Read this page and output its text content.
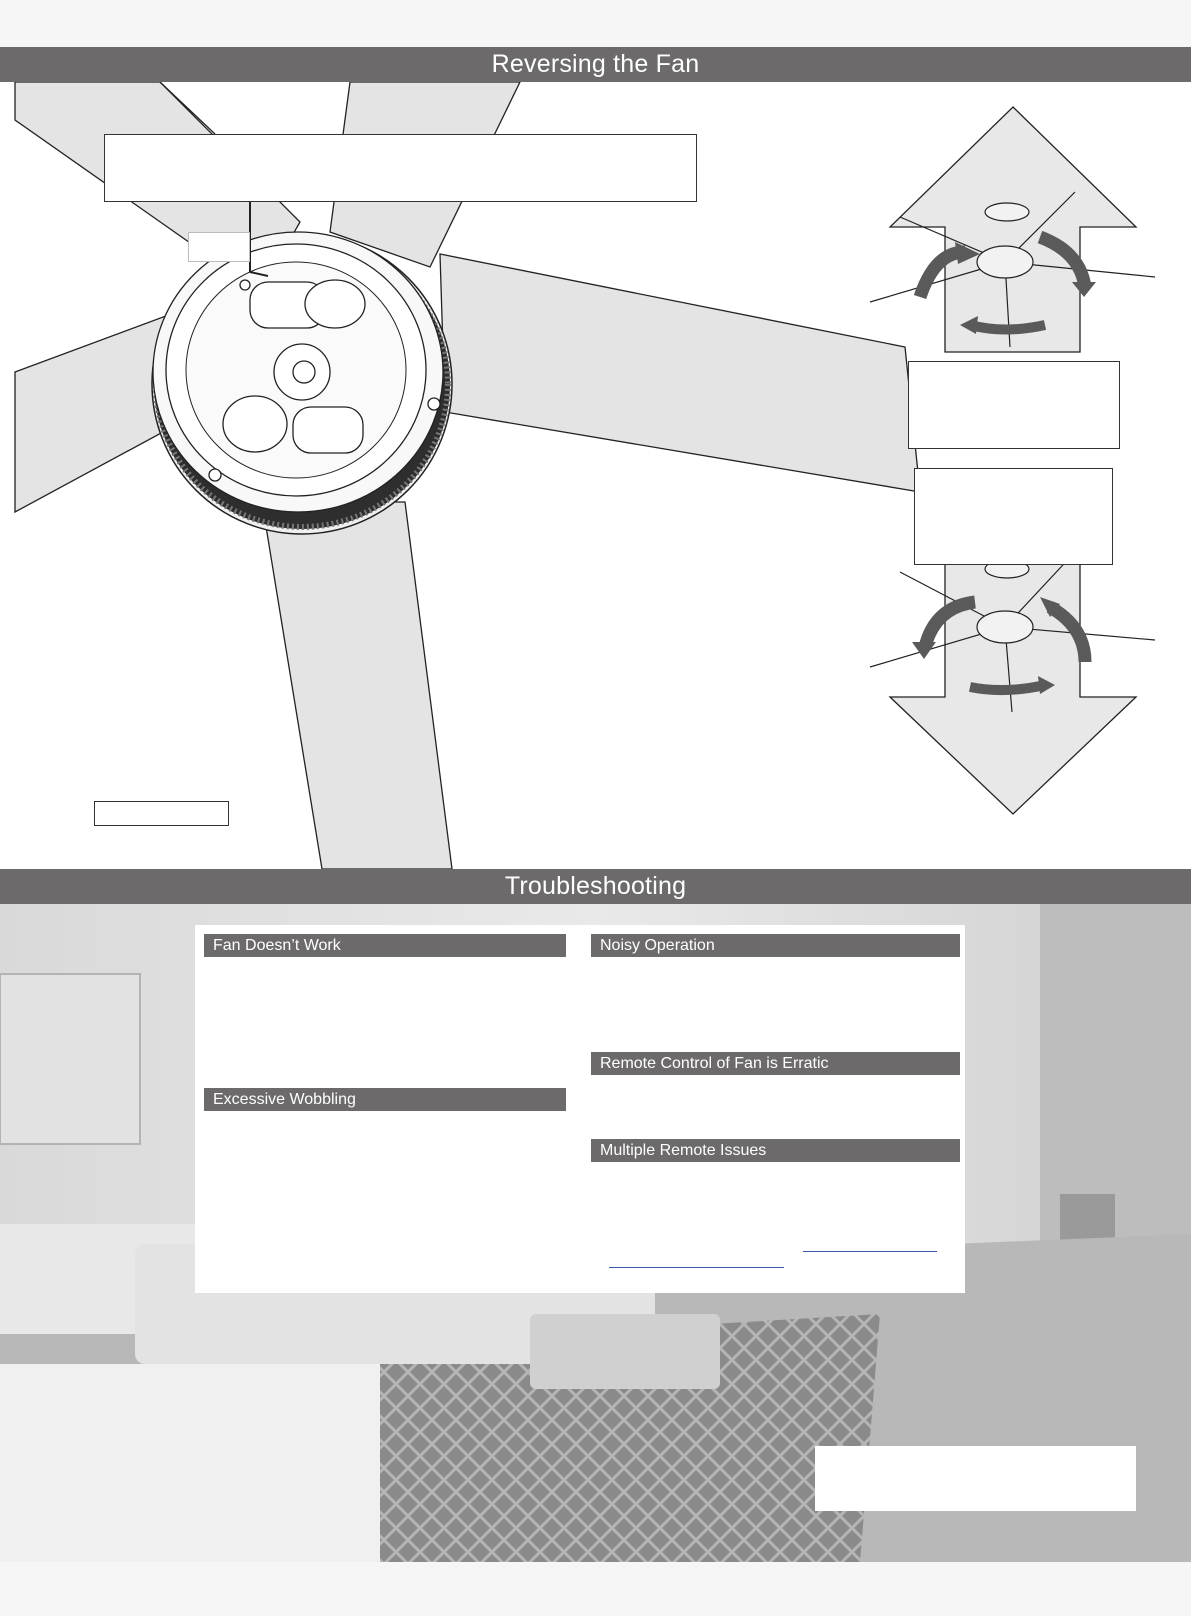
Reversing the Fan
Troubleshooting
Fan Doesn’t Work
Excessive Wobbling
Noisy Operation
Remote Control of Fan is Erratic
Multiple Remote Issues
